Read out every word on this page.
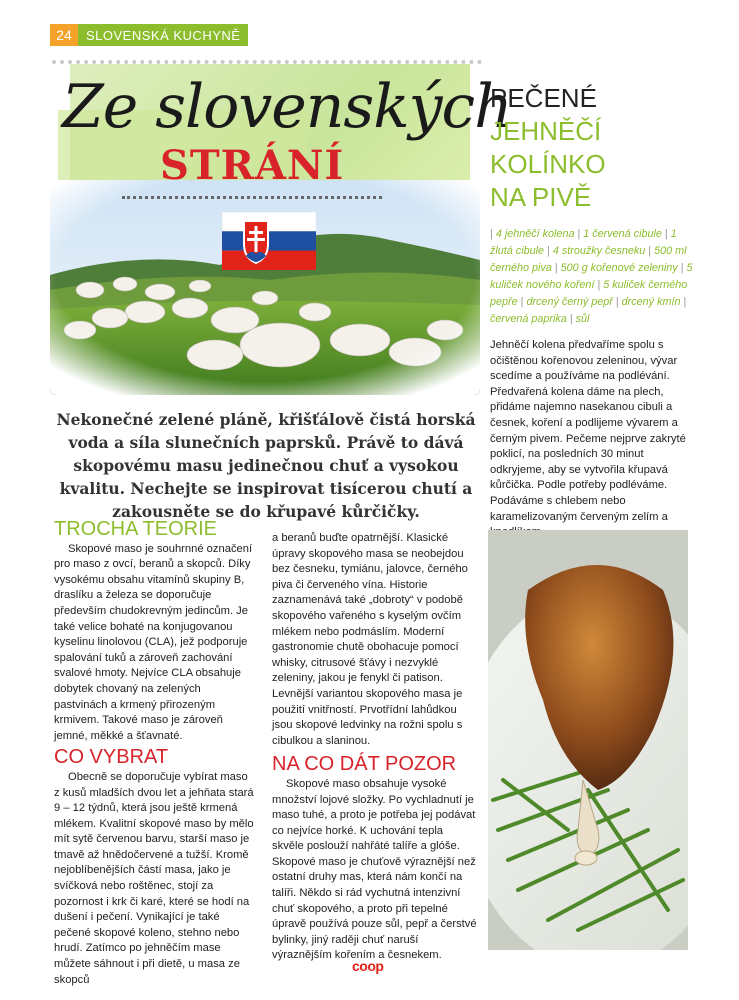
24	SLOVENSKÁ KUCHYNĚ
Ze slovenských
STRÁNÍ
Nekonečné zelené pláně, křišťálově čistá horská voda a síla slunečních paprsků. Právě to dává skopovému masu jedinečnou chuť a vysokou kvalitu. Nechejte se inspirovat tisícerou chutí a zakousněte se do křupavé kůrčičky.
TROCHA TEORIE

Skopové maso je souhrnné označení pro maso z ovcí, beranů a skopců. Díky vysokému obsahu vitamínů skupiny B, draslíku a železa se doporučuje především chudokrevným jedincům. Je také velice bohaté na konjugovanou kyselinu linolovou (CLA), jež podporuje spalování tuků a zároveň zachování svalové hmoty. Nejvíce CLA obsahuje dobytek chovaný na zelených pastvinách a krmený přirozeným krmivem. Takové maso je zároveň jemné, měkké a šťavnaté.

CO VYBRAT

Obecně se doporučuje vybírat maso z kusů mladších dvou let a jehňata stará 9 – 12 týdnů, která jsou ještě krmená mlékem. Kvalitní skopové maso by mělo mít sytě červenou barvu, starší maso je tmavě až hnědočervené a tužší. Kromě nejoblíbenějších částí masa, jako je svíčková nebo roštěnec, stojí za pozornost i krk či karé, které se hodí na dušení i pečení. Vynikající je také pečené skopové koleno, stehno nebo hrudí. Zatímco po jehněčím mase můžete sáhnout i při dietě, u masa ze skopců

a beranů buďte opatrnější. Klasické úpravy skopového masa se neobejdou bez česneku, tymiánu, jalovce, černého piva či červeného vína. Historie zaznamenává také „dobroty“ v podobě skopového vařeného s kyselým ovčím mlékem nebo podmáslím. Moderní gastronomie chutě obohacuje pomocí whisky, citrusové šťávy i nezvyklé zeleniny, jakou je fenykl či patison. Levnější variantou skopového masa je použití vnitřností. Prvotřídní lahůdkou jsou skopové ledvinky na rožni spolu s cibulkou a slaninou.

NA CO DÁT POZOR

Skopové maso obsahuje vysoké množství lojové složky. Po vychladnutí je maso tuhé, a proto je potřeba jej podávat co nejvíce horké. K uchování tepla skvěle poslouží nahřáté talíře a glóše. Skopové maso je chuťově výraznější než ostatní druhy mas, která nám končí na talíři. Někdo si rád vychutná intenzivní chuť skopového, a proto při tepelné úpravě používá pouze sůl, pepř a čerstvé bylinky, jiný raději chuť naruší výraznějším kořením a česnekem.

PEČENÉ
JEHNĚČÍ
KOLÍNKO
NA PIVĚ
| 4 jehněčí kolena | 1 červená cibule | 1 žlutá cibule | 4 stroužky česneku | 500 ml černého piva | 500 g kořenové zeleniny | 5 kuliček nového koření | 5 kuliček černého pepře | drcený černý pepř | drcený kmín | červená paprika | sůl
Jehněčí kolena předvaříme spolu s očištěnou kořenovou zeleninou, vývar scedíme a používáme na podlévání. Předvařená kolena dáme na plech, přidáme najemno nasekanou cibuli a česnek, koření a podlijeme vývarem a černým pivem. Pečeme nejprve zakryté poklicí, na posledních 30 minut odkryjeme, aby se vytvořila křupavá kůrčička. Podle potřeby podléváme. Podáváme s chlebem nebo karamelizovaným červeným zelím a
coop
